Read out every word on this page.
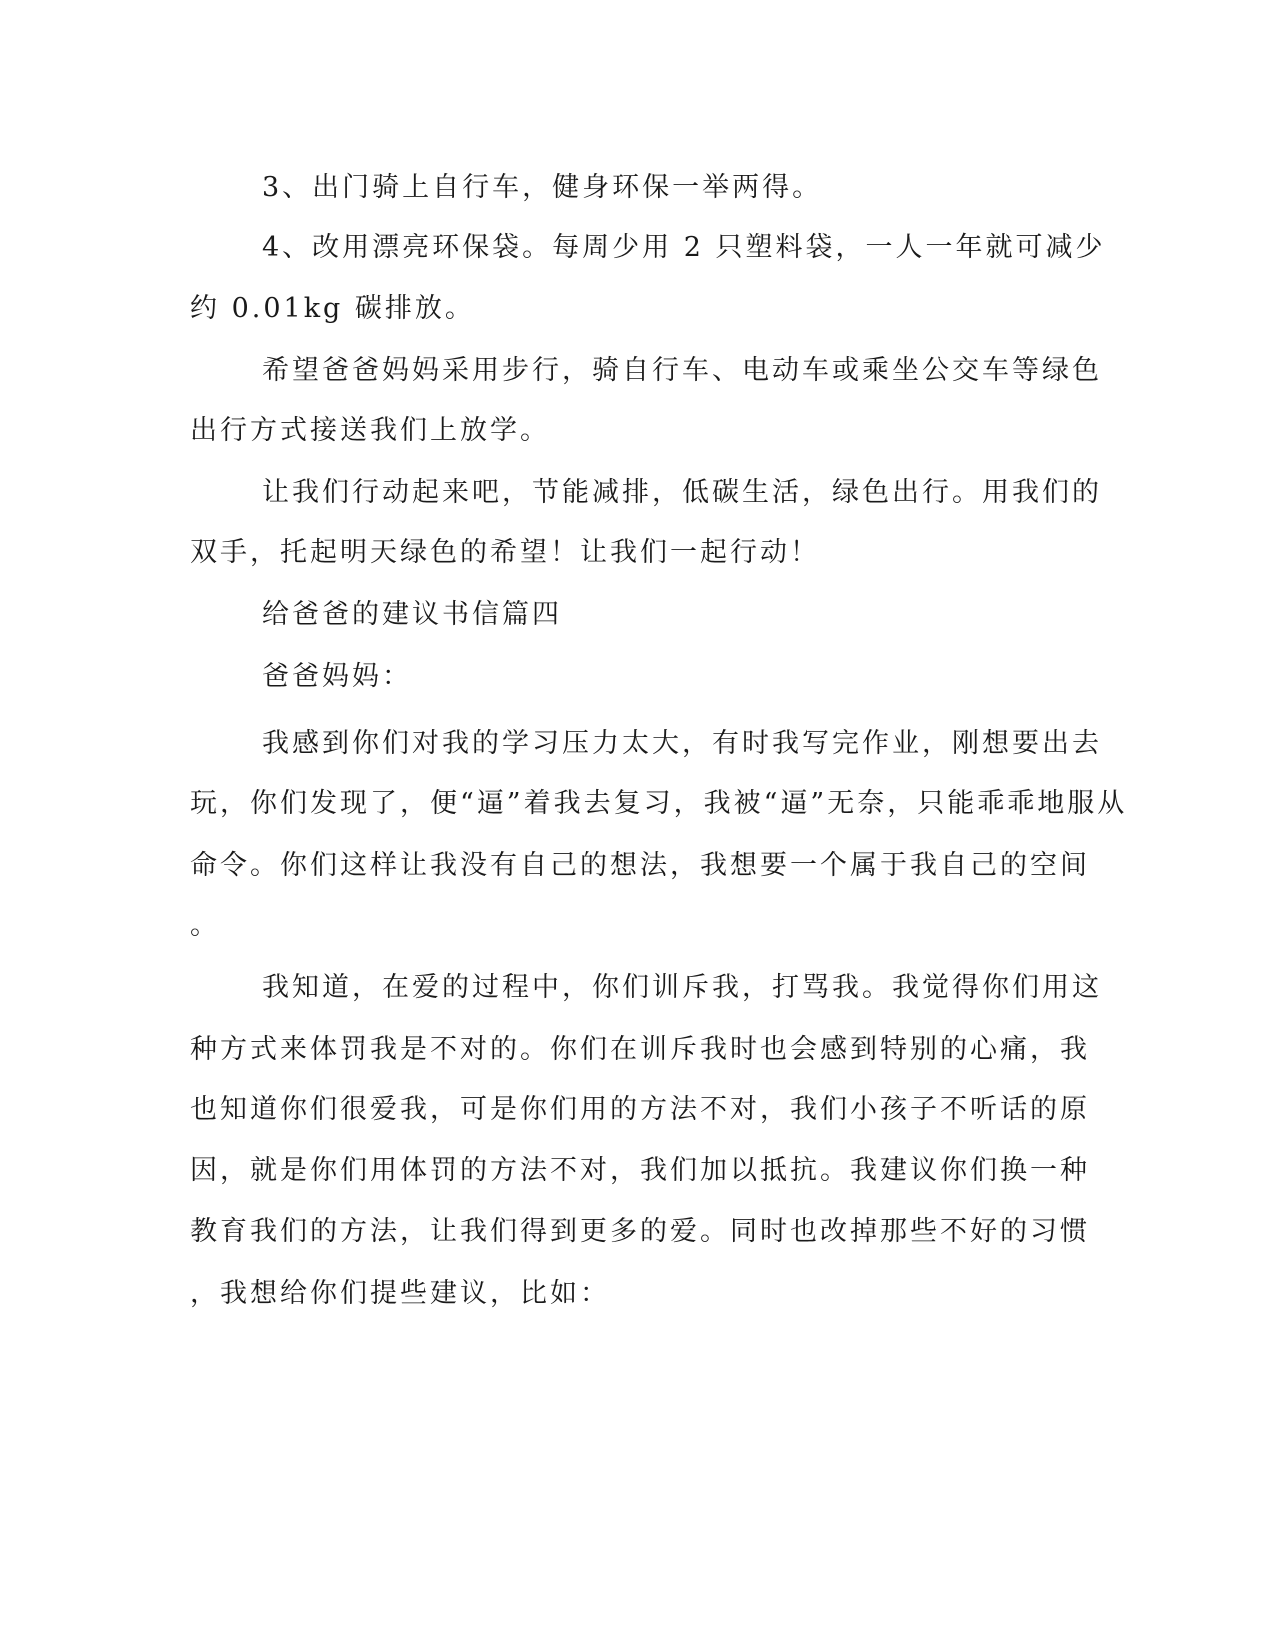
3、出门骑上自行车，健身环保一举两得。

4、改用漂亮环保袋。每周少用 2 只塑料袋，一人一年就可减少

约 0.01kg 碳排放。

希望爸爸妈妈采用步行，骑自行车、电动车或乘坐公交车等绿色

出行方式接送我们上放学。

让我们行动起来吧，节能减排，低碳生活，绿色出行。用我们的

双手，托起明天绿色的希望！让我们一起行动！

给爸爸的建议书信篇四

爸爸妈妈：

我感到你们对我的学习压力太大，有时我写完作业，刚想要出去

玩，你们发现了，便“逼”着我去复习，我被“逼”无奈，只能乖乖地服从

命令。你们这样让我没有自己的想法，我想要一个属于我自己的空间

。

我知道，在爱的过程中，你们训斥我，打骂我。我觉得你们用这

种方式来体罚我是不对的。你们在训斥我时也会感到特别的心痛，我

也知道你们很爱我，可是你们用的方法不对，我们小孩子不听话的原

因，就是你们用体罚的方法不对，我们加以抵抗。我建议你们换一种

教育我们的方法，让我们得到更多的爱。同时也改掉那些不好的习惯

，我想给你们提些建议，比如：
